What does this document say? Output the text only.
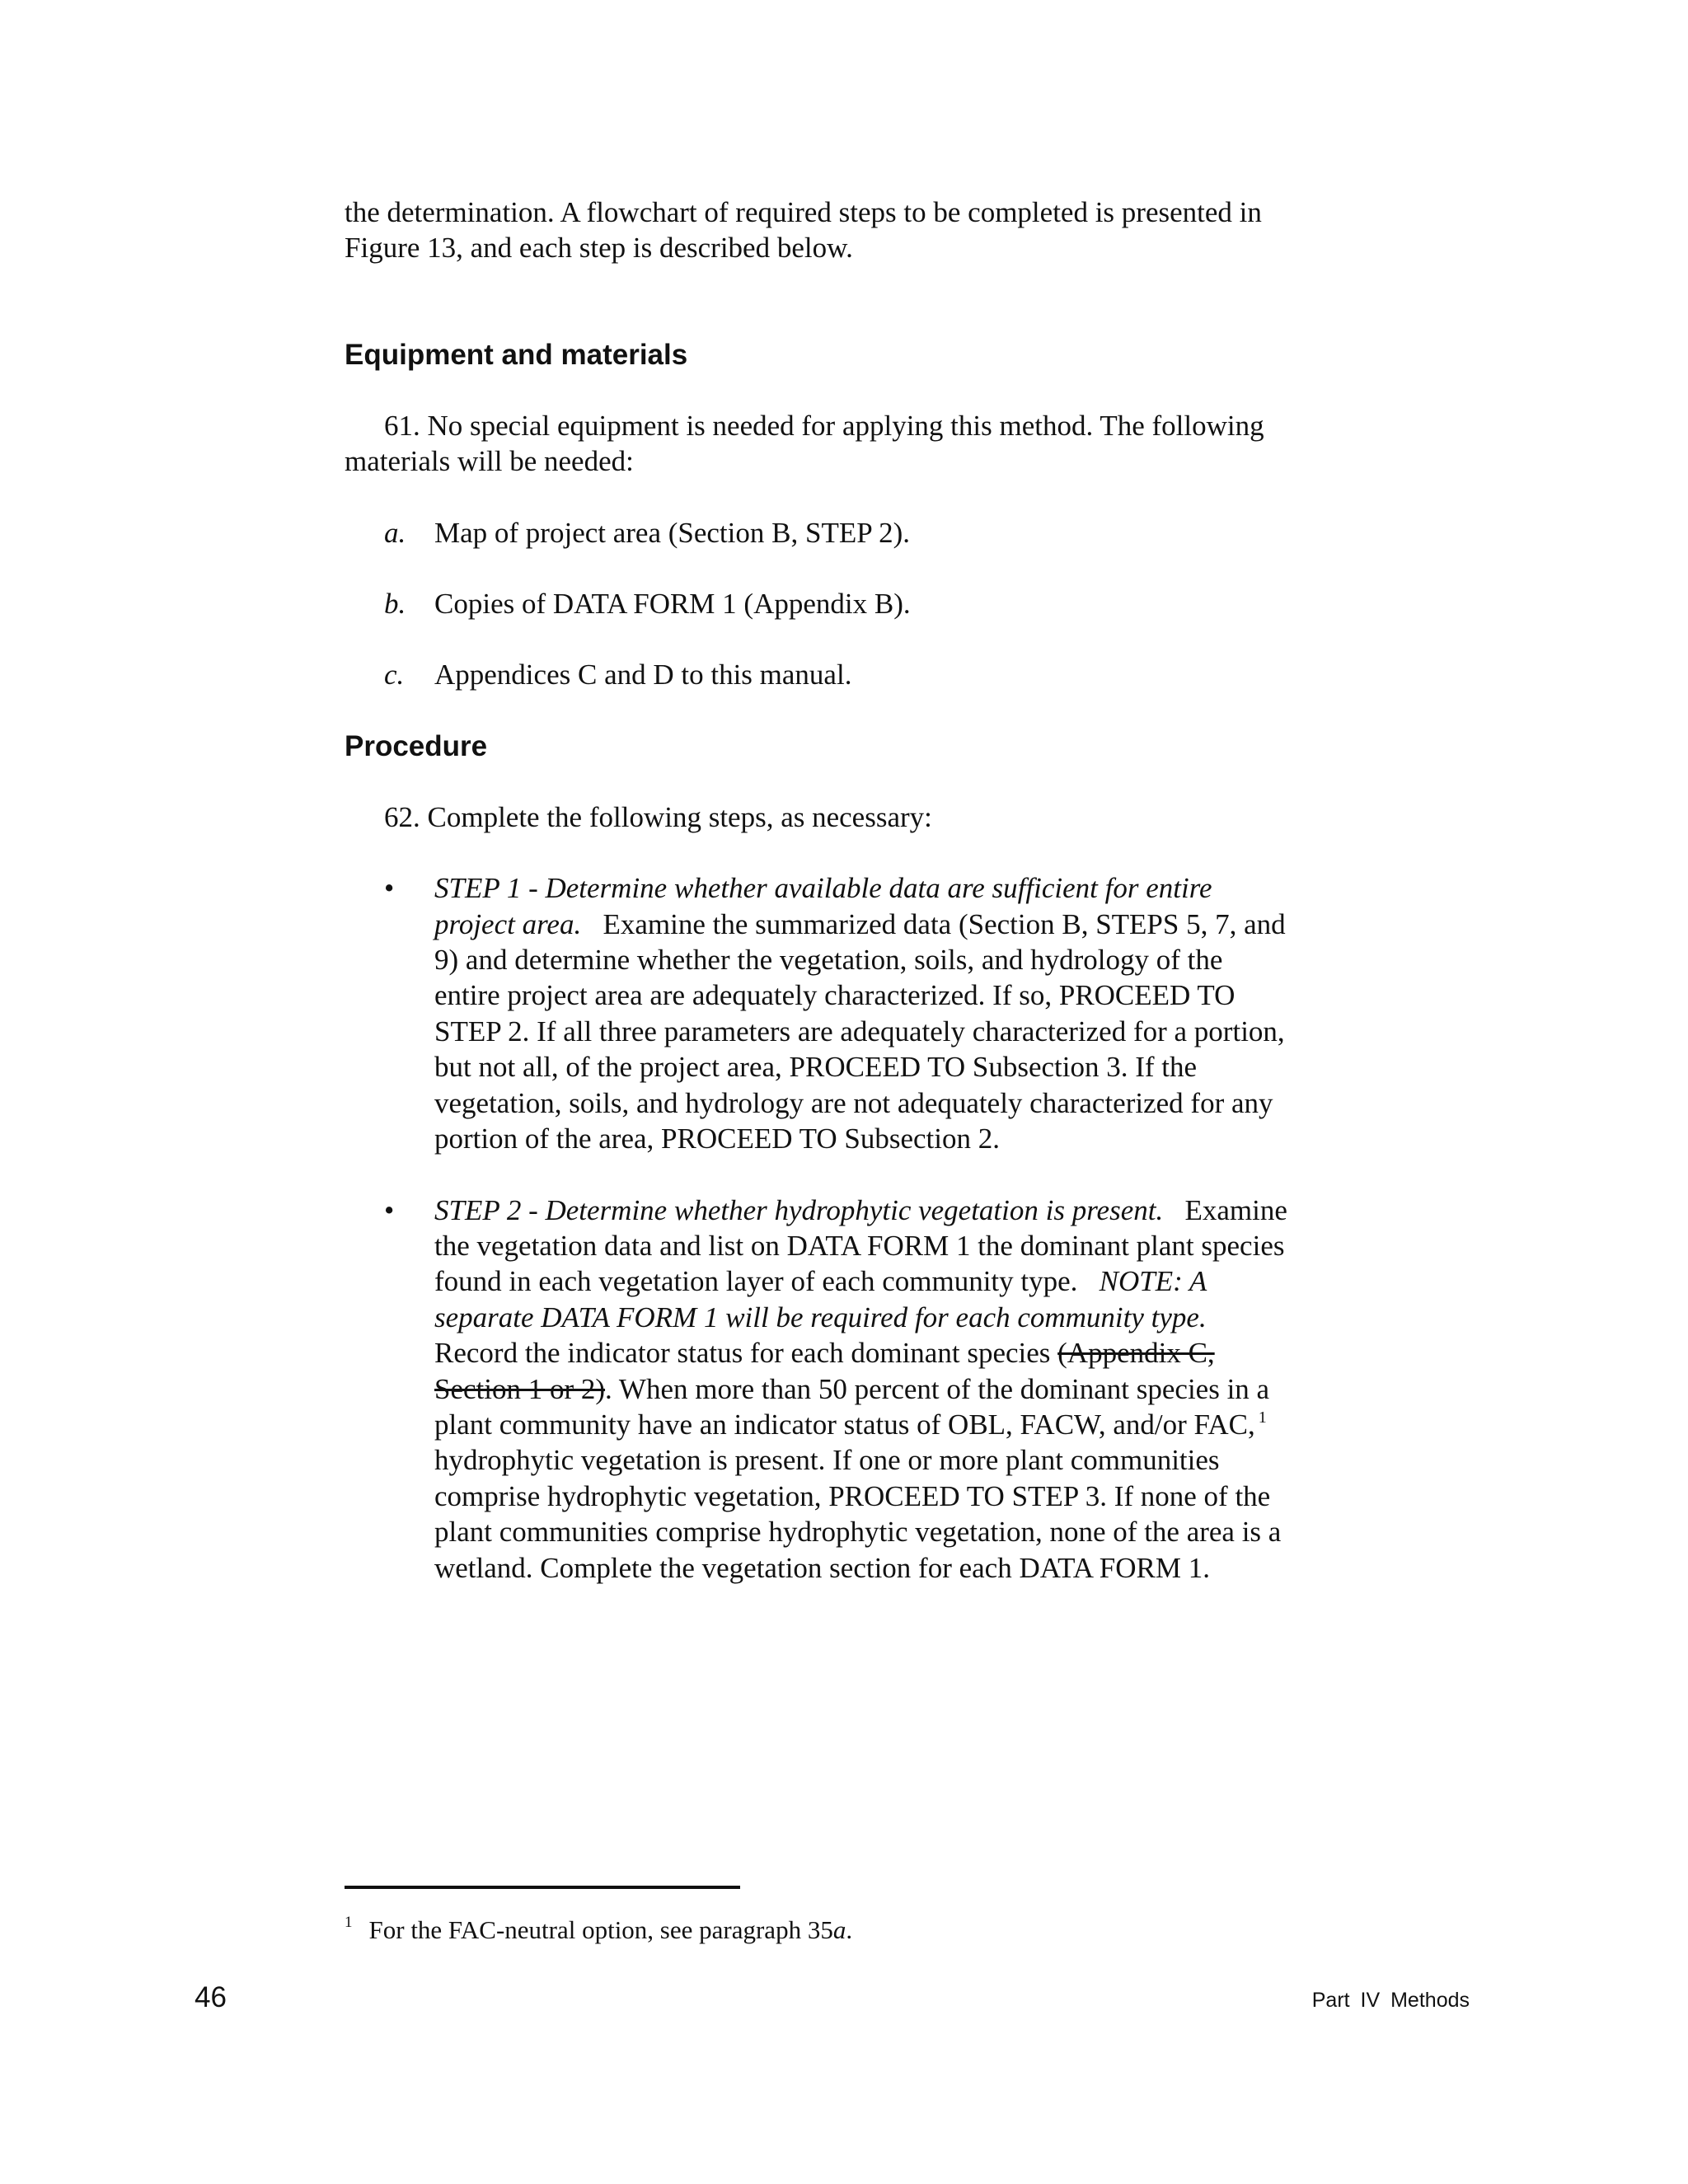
the determination. A flowchart of required steps to be completed is presented in Figure 13, and each step is described below.

Equipment and materials

61. No special equipment is needed for applying this method. The following materials will be needed:

a. Map of project area (Section B, STEP 2).
b. Copies of DATA FORM 1 (Appendix B).
c. Appendices C and D to this manual.
Procedure

62. Complete the following steps, as necessary:

• STEP 1 - Determine whether available data are sufficient for entire project area. Examine the summarized data (Section B, STEPS 5, 7, and 9) and determine whether the vegetation, soils, and hydrology of the entire project area are adequately characterized. If so, PROCEED TO STEP 2. If all three parameters are adequately characterized for a portion, but not all, of the project area, PROCEED TO Subsection 3. If the vegetation, soils, and hydrology are not adequately characterized for any portion of the area, PROCEED TO Subsection 2.
• STEP 2 - Determine whether hydrophytic vegetation is present. Examine the vegetation data and list on DATA FORM 1 the dominant plant species found in each vegetation layer of each community type. NOTE: A separate DATA FORM 1 will be required for each community type.   Record the indicator status for each dominant species (Appendix C, Section 1 or 2). When more than 50 percent of the dominant species in a plant community have an indicator status of OBL, FACW, and/or FAC, $^1$ hydrophytic vegetation is present. If one or more plant communities comprise hydrophytic vegetation, PROCEED TO STEP 3. If none of the plant communities comprise hydrophytic vegetation, none of the area is a wetland. Complete the vegetation section for each DATA FORM 1.
$^1$ For the FAC-neutral option, see paragraph 35a.
46	Part IV Methods
